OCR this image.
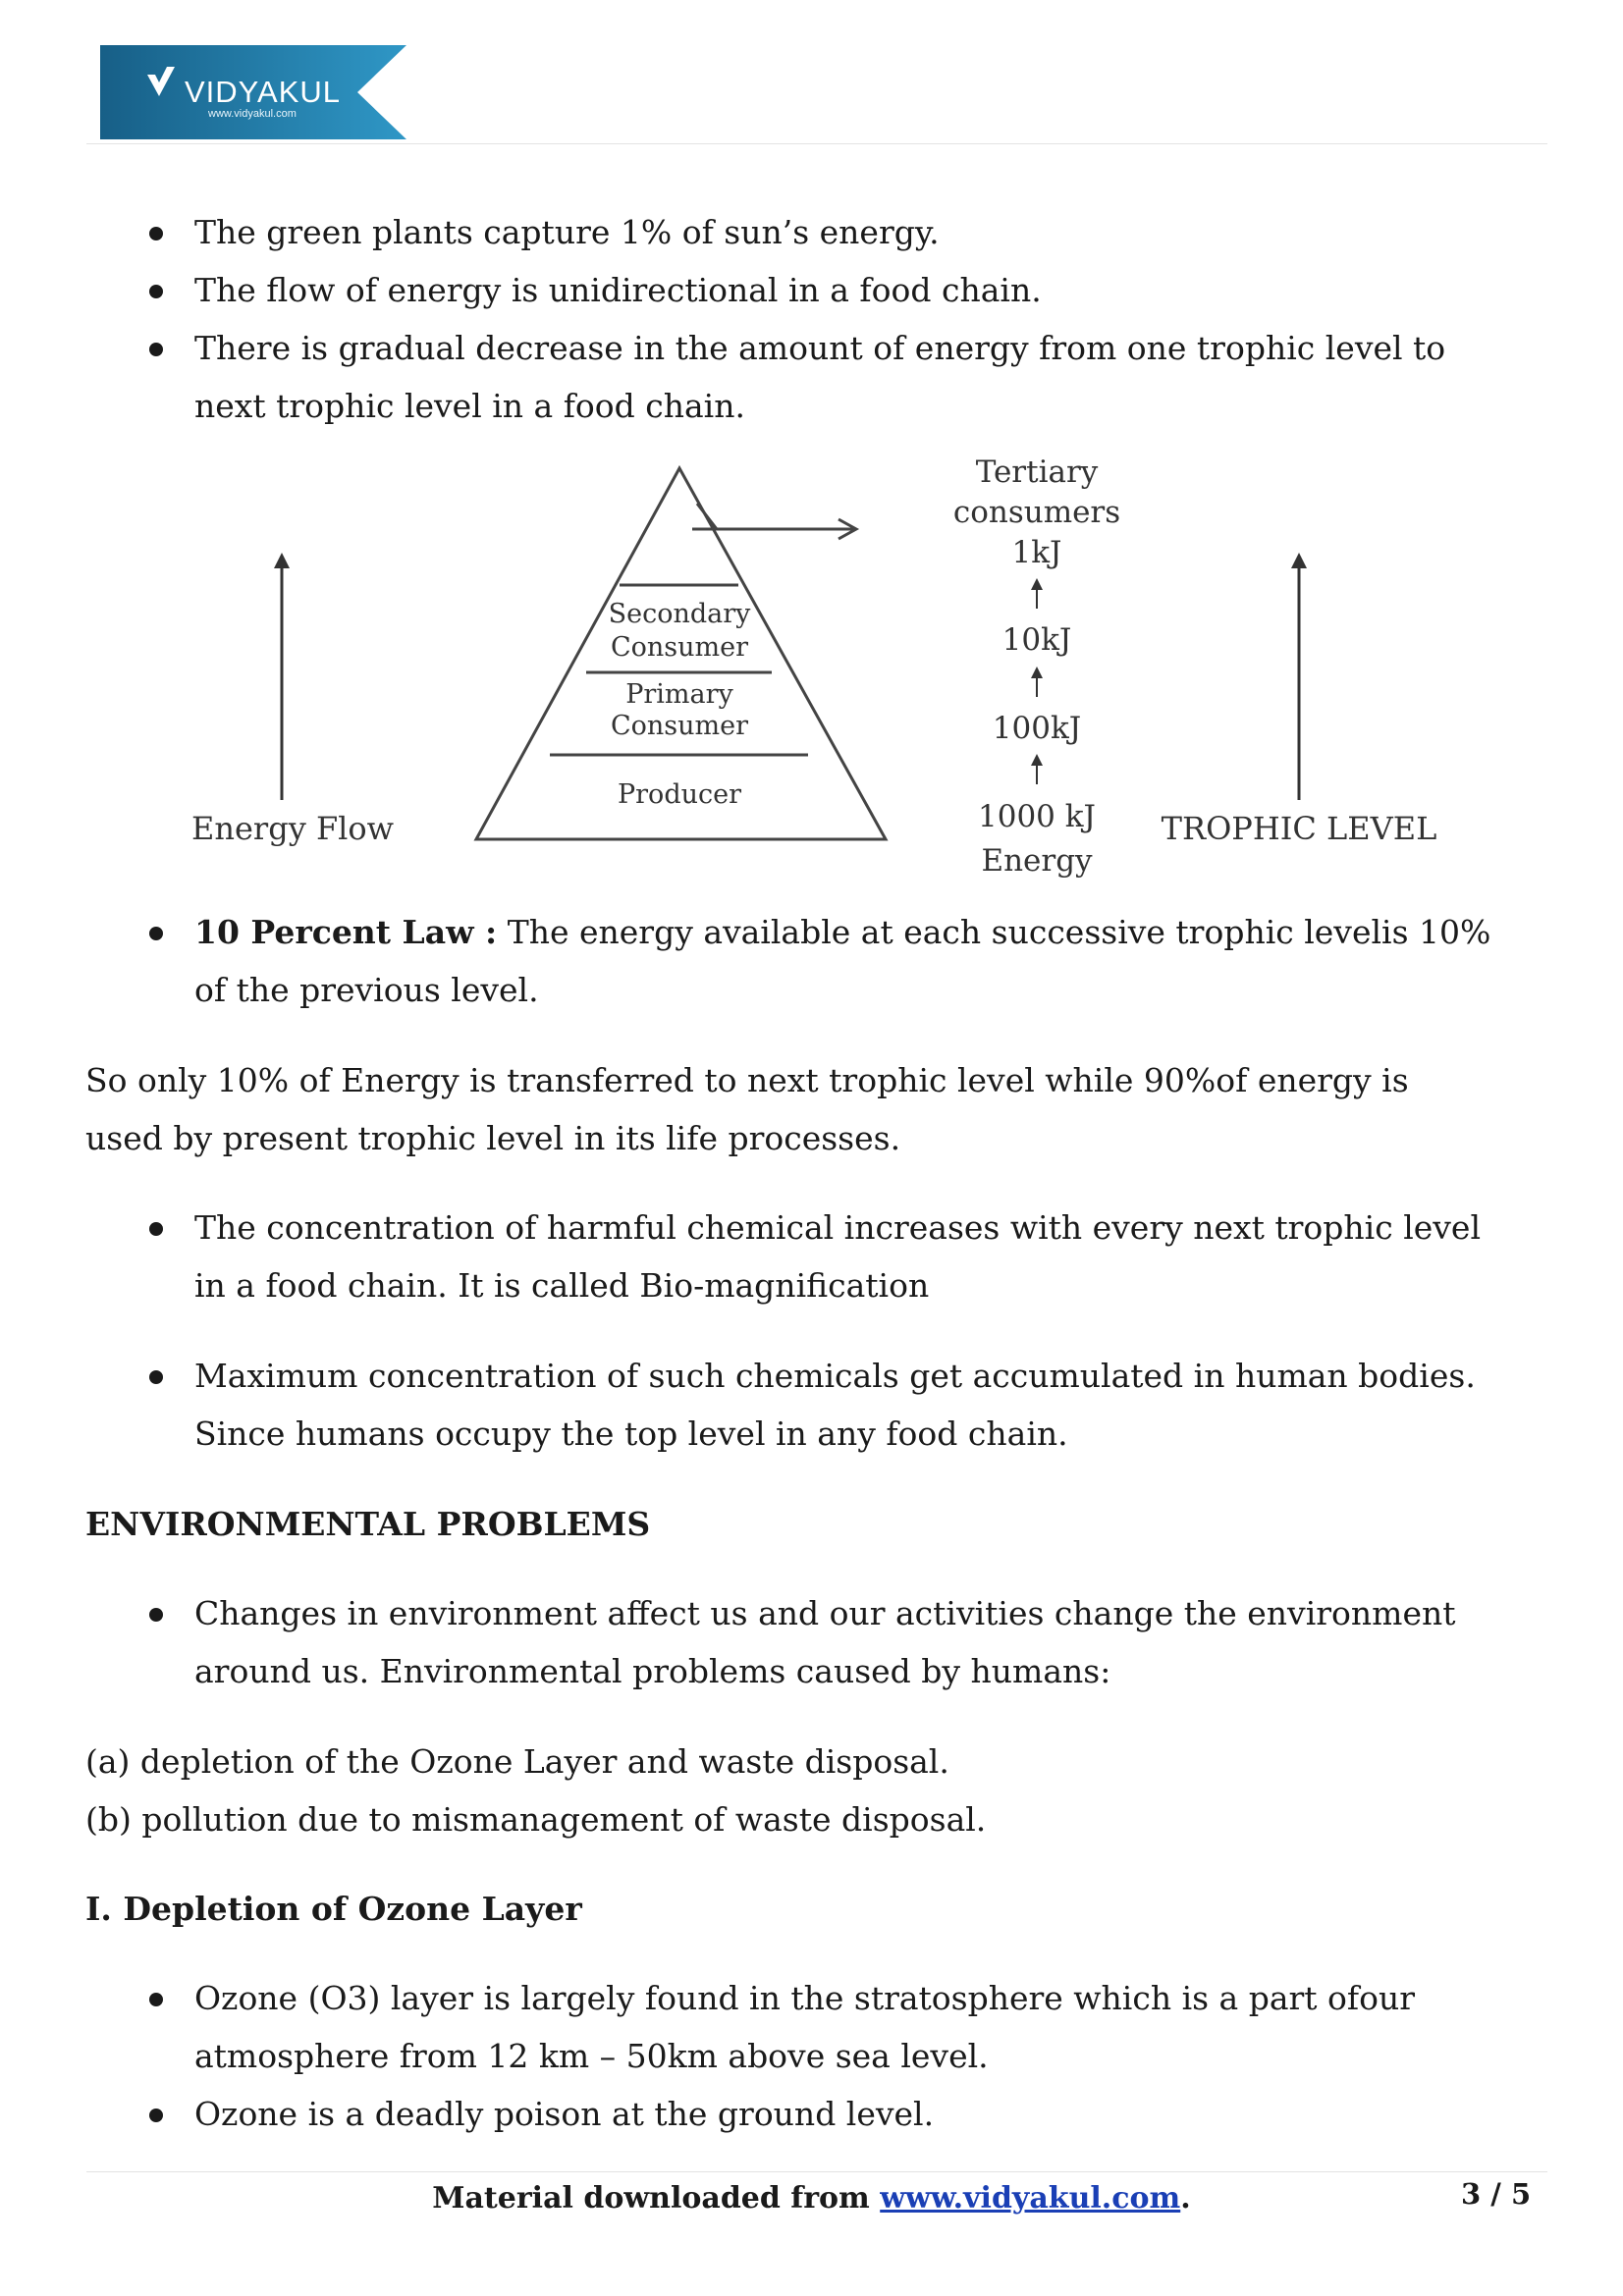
VIDYAKUL
www.vidyakul.com
The green plants capture 1% of sun’s energy.
The flow of energy is unidirectional in a food chain.
There is gradual decrease in the amount of energy from one trophic level to next trophic level in a food chain.
Energy Flow
Secondary
Consumer
Primary
Consumer
Producer
Tertiary
consumers
1kJ
10kJ
100kJ
1000 kJ
Energy
TROPHIC LEVEL
10 Percent Law : The energy available at each successive trophic levelis 10% of the previous level.
So only 10% of Energy is transferred to next trophic level while 90%of energy is used by present trophic level in its life processes.
The concentration of harmful chemical increases with every next trophic level in a food chain. It is called Bio-magnification
Maximum concentration of such chemicals get accumulated in human bodies. Since humans occupy the top level in any food chain.
ENVIRONMENTAL PROBLEMS
Changes in environment affect us and our activities change the environment around us. Environmental problems caused by humans:
(a) depletion of the Ozone Layer and waste disposal.
(b) pollution due to mismanagement of waste disposal.
I. Depletion of Ozone Layer
Ozone (O3) layer is largely found in the stratosphere which is a part ofour atmosphere from 12 km – 50km above sea level.
Ozone is a deadly poison at the ground level.
Material downloaded from www.vidyakul.com.	3 / 5
